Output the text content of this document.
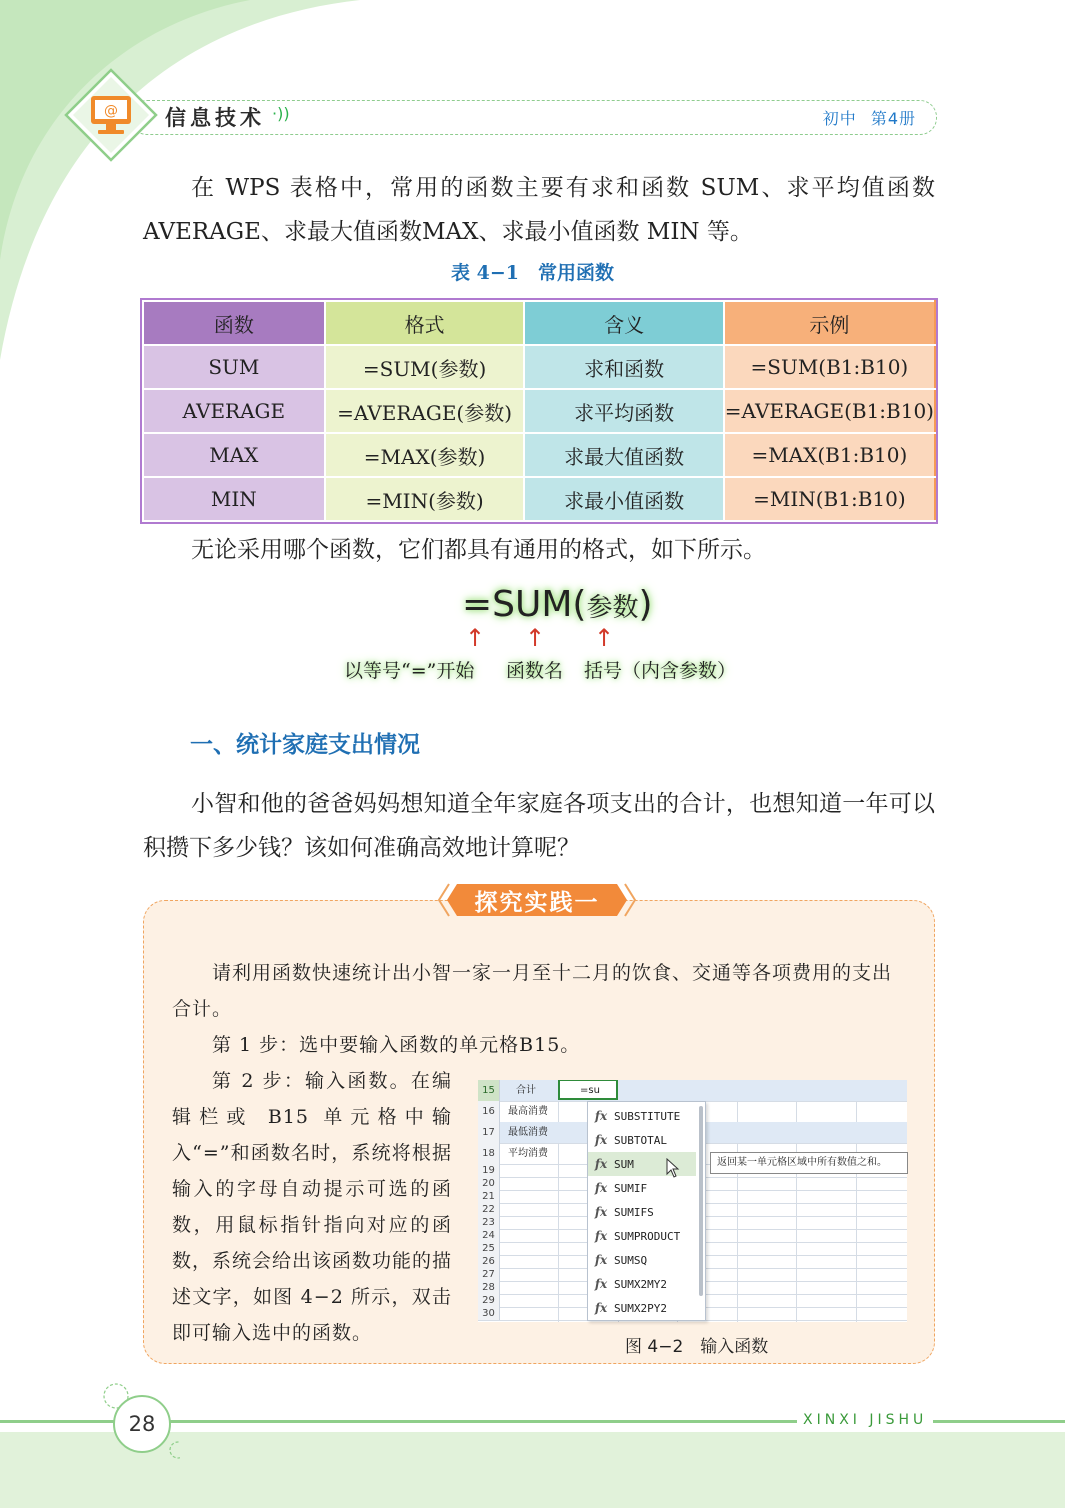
@ 信息技术 ·))	初中 第4册
在 WPS 表格中，常用的函数主要有求和函数 SUM、求平均值函数 AVERAGE、求最大值函数MAX、求最小值函数 MIN 等。
表 4−1　常用函数
函数	格式	含义	示例
SUM	=SUM(参数)	求和函数	=SUM(B1:B10)
AVERAGE	=AVERAGE(参数)	求平均函数	=AVERAGE(B1:B10)
MAX	=MAX(参数)	求最大值函数	=MAX(B1:B10)
MIN	=MIN(参数)	求最小值函数	=MIN(B1:B10)
无论采用哪个函数，它们都具有通用的格式，如下所示。
=SUM(参数)
↑ ↑ ↑
以等号“=”开始 函数名 括号（内含参数）
一、统计家庭支出情况
小智和他的爸爸妈妈想知道全年家庭各项支出的合计，也想知道一年可以积攒下多少钱？该如何准确高效地计算呢？
探究实践一
请利用函数快速统计出小智一家一月至十二月的饮食、交通等各项费用的支出合计。
第 1 步：选中要输入函数的单元格B15。
第 2 步：输入函数。在编辑栏或 B15 单元格中输入“=”和函数名时，系统将根据输入的字母自动提示可选的函数，用鼠标指针指向对应的函数，系统会给出该函数功能的描述文字，如图 4−2 所示，双击即可输入选中的函数。
15	合计	=su
16	最高消费
17	最低消费
18	平均消费
19
20
21
22
23
24
25
26
27
28
29
30
fx SUBSTITUTE
fx SUBTOTAL
fx SUM
fx SUMIF
fx SUMIFS
fx SUMPRODUCT
fx SUMSQ
fx SUMX2MY2
fx SUMX2PY2
返回某一单元格区域中所有数值之和。
图 4−2　输入函数
28	XINXI JISHU
